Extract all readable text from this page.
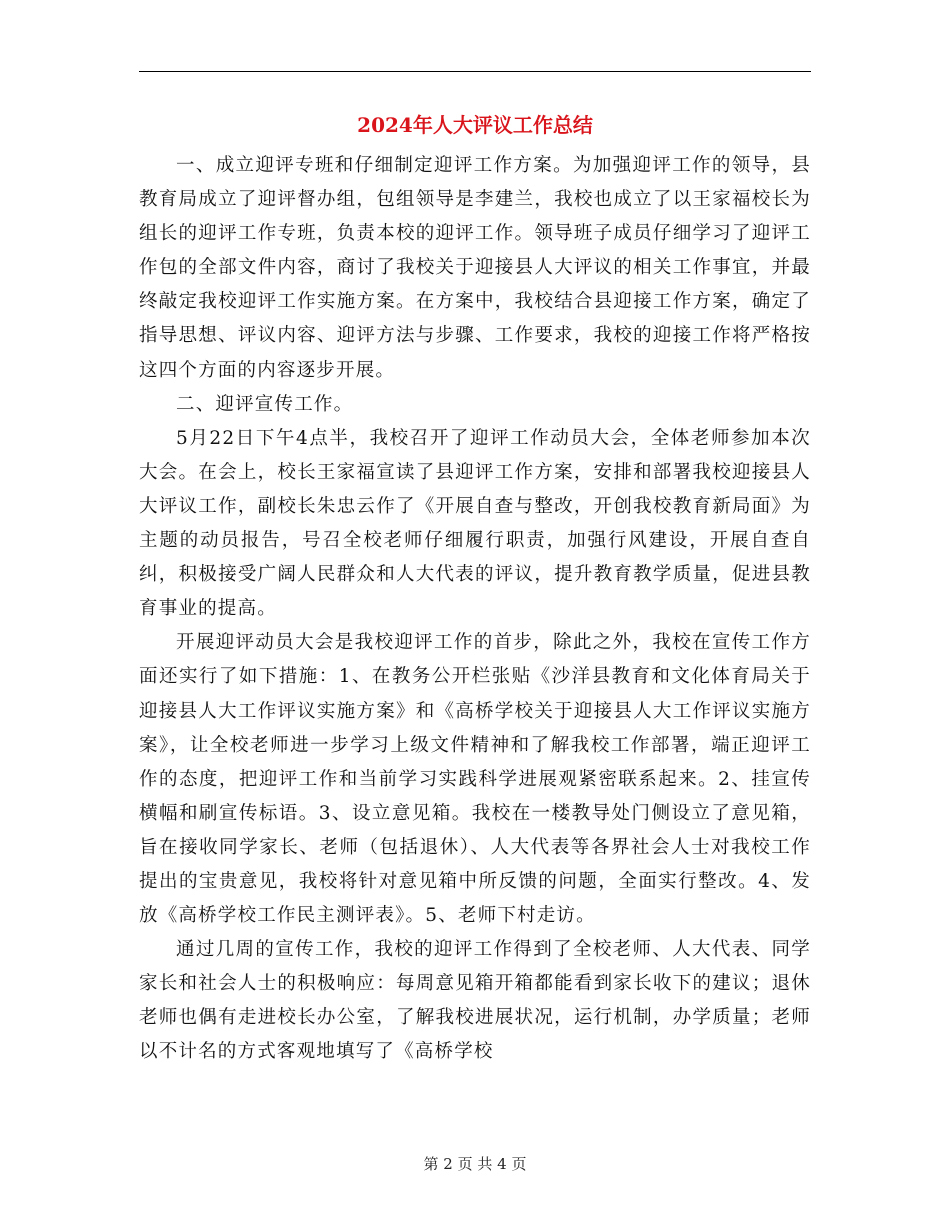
2024年人大评议工作总结

一、成立迎评专班和仔细制定迎评工作方案。为加强迎评工作的领导，县教育局成立了迎评督办组，包组领导是李建兰，我校也成立了以王家福校长为组长的迎评工作专班，负责本校的迎评工作。领导班子成员仔细学习了迎评工作包的全部文件内容，商讨了我校关于迎接县人大评议的相关工作事宜，并最终敲定我校迎评工作实施方案。在方案中，我校结合县迎接工作方案，确定了指导思想、评议内容、迎评方法与步骤、工作要求，我校的迎接工作将严格按这四个方面的内容逐步开展。

二、迎评宣传工作。

5月22日下午4点半，我校召开了迎评工作动员大会，全体老师参加本次大会。在会上，校长王家福宣读了县迎评工作方案，安排和部署我校迎接县人大评议工作，副校长朱忠云作了《开展自查与整改，开创我校教育新局面》为主题的动员报告，号召全校老师仔细履行职责，加强行风建设，开展自查自纠，积极接受广阔人民群众和人大代表的评议，提升教育教学质量，促进县教育事业的提高。

开展迎评动员大会是我校迎评工作的首步，除此之外，我校在宣传工作方面还实行了如下措施：1、在教务公开栏张贴《沙洋县教育和文化体育局关于迎接县人大工作评议实施方案》和《高桥学校关于迎接县人大工作评议实施方案》，让全校老师进一步学习上级文件精神和了解我校工作部署，端正迎评工作的态度，把迎评工作和当前学习实践科学进展观紧密联系起来。2、挂宣传横幅和刷宣传标语。3、设立意见箱。我校在一楼教导处门侧设立了意见箱，旨在接收同学家长、老师（包括退休）、人大代表等各界社会人士对我校工作提出的宝贵意见，我校将针对意见箱中所反馈的问题，全面实行整改。4、发放《高桥学校工作民主测评表》。5、老师下村走访。

通过几周的宣传工作，我校的迎评工作得到了全校老师、人大代表、同学家长和社会人士的积极响应：每周意见箱开箱都能看到家长收下的建议；退休老师也偶有走进校长办公室，了解我校进展状况，运行机制，办学质量；老师以不计名的方式客观地填写了《高桥学校

第 2 页 共 4 页
